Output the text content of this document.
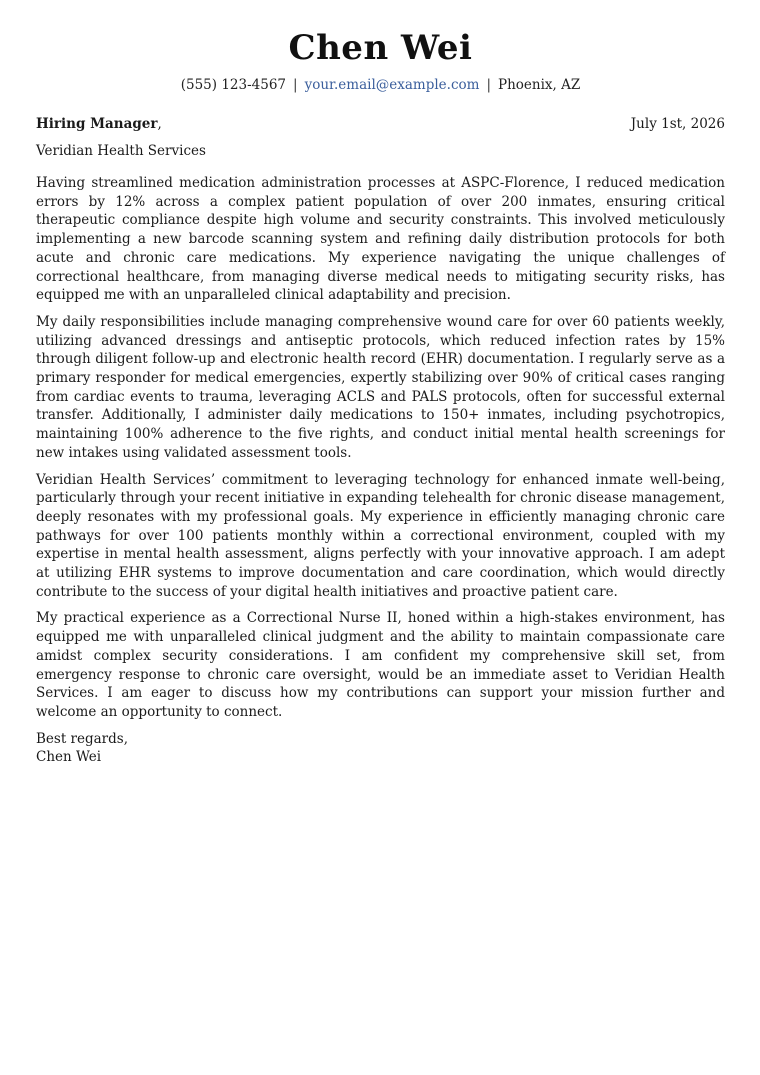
Chen Wei
(555) 123-4567 | your.email@example.com | Phoenix, AZ
Hiring Manager,	July 1st, 2026
Veridian Health Services

Having streamlined medication administration processes at ASPC-Florence, I reduced medication errors by 12% across a complex patient population of over 200 inmates, ensuring critical therapeutic compliance despite high volume and security constraints. This involved meticulously implementing a new barcode scanning system and refining daily distribution protocols for both acute and chronic care medications. My experience navigating the unique challenges of correctional healthcare, from managing diverse medical needs to mitigating security risks, has equipped me with an unparalleled clinical adaptability and precision.

My daily responsibilities include managing comprehensive wound care for over 60 patients weekly, utilizing advanced dressings and antiseptic protocols, which reduced infection rates by 15% through diligent follow-up and electronic health record (EHR) documentation. I regularly serve as a primary responder for medical emergencies, expertly stabilizing over 90% of critical cases ranging from cardiac events to trauma, leveraging ACLS and PALS protocols, often for successful external transfer. Additionally, I administer daily medications to 150+ inmates, including psychotropics, maintaining 100% adherence to the five rights, and conduct initial mental health screenings for new intakes using validated assessment tools.

Veridian Health Services’ commitment to leveraging technology for enhanced inmate well-being, particularly through your recent initiative in expanding telehealth for chronic disease management, deeply resonates with my professional goals. My experience in efficiently managing chronic care pathways for over 100 patients monthly within a correctional environment, coupled with my expertise in mental health assessment, aligns perfectly with your innovative approach. I am adept at utilizing EHR systems to improve documentation and care coordination, which would directly contribute to the success of your digital health initiatives and proactive patient care.

My practical experience as a Correctional Nurse II, honed within a high-stakes environment, has equipped me with unparalleled clinical judgment and the ability to maintain compassionate care amidst complex security considerations. I am confident my comprehensive skill set, from emergency response to chronic care oversight, would be an immediate asset to Veridian Health Services. I am eager to discuss how my contributions can support your mission further and welcome an opportunity to connect.

Best regards,
Chen Wei
